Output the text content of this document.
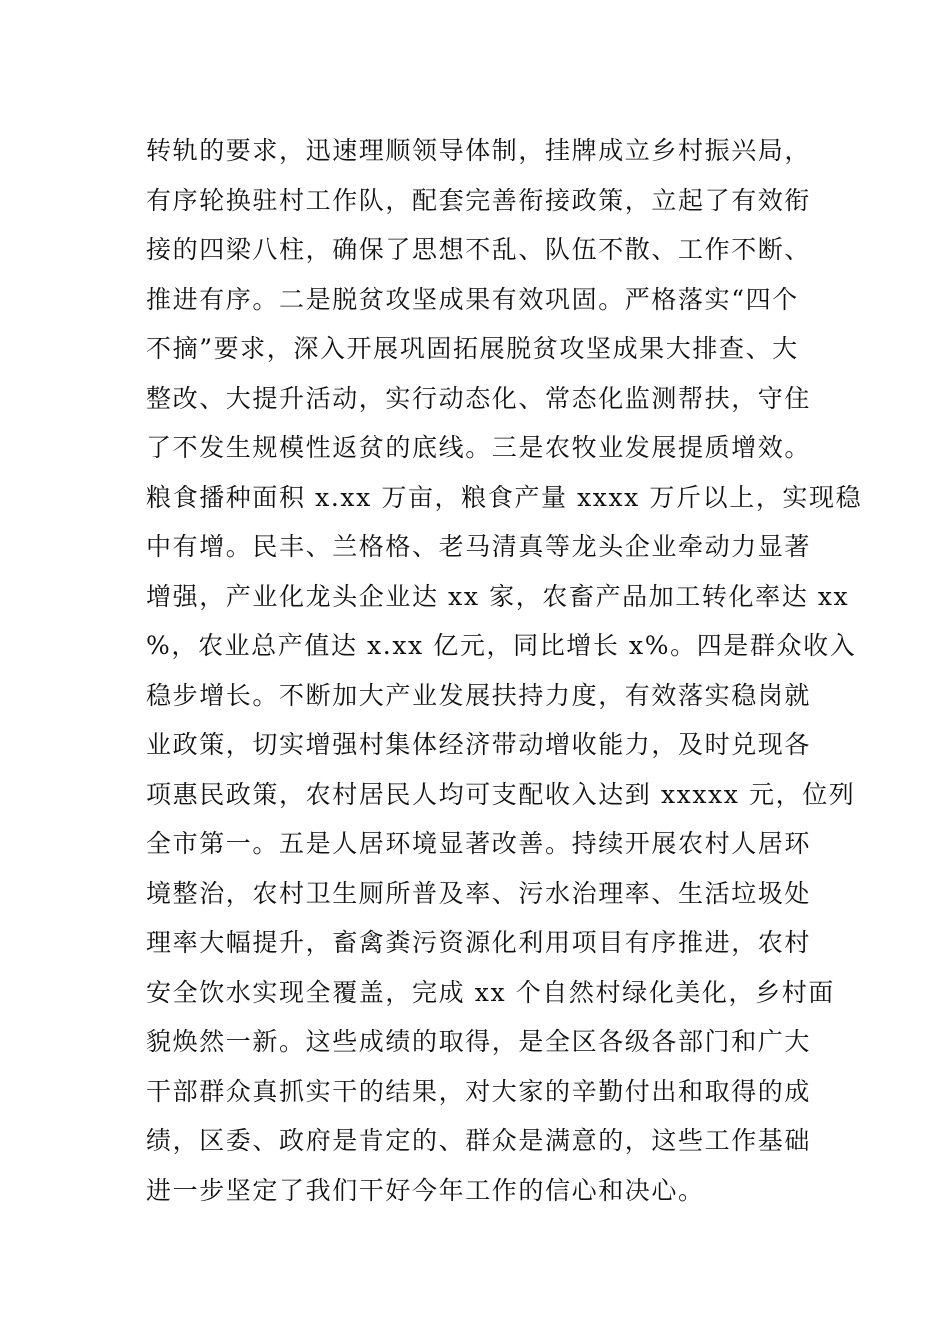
转轨的要求，迅速理顺领导体制，挂牌成立乡村振兴局，
有序轮换驻村工作队，配套完善衔接政策，立起了有效衔
接的四梁八柱，确保了思想不乱、队伍不散、工作不断、
推进有序。二是脱贫攻坚成果有效巩固。严格落实“四个
不摘”要求，深入开展巩固拓展脱贫攻坚成果大排查、大
整改、大提升活动，实行动态化、常态化监测帮扶，守住
了不发生规模性返贫的底线。三是农牧业发展提质增效。
粮食播种面积 x.xx 万亩，粮食产量 xxxx 万斤以上，实现稳
中有增。民丰、兰格格、老马清真等龙头企业牵动力显著
增强，产业化龙头企业达 xx 家，农畜产品加工转化率达 xx
%，农业总产值达 x.xx 亿元，同比增长 x%。四是群众收入
稳步增长。不断加大产业发展扶持力度，有效落实稳岗就
业政策，切实增强村集体经济带动增收能力，及时兑现各
项惠民政策，农村居民人均可支配收入达到 xxxxx 元，位列
全市第一。五是人居环境显著改善。持续开展农村人居环
境整治，农村卫生厕所普及率、污水治理率、生活垃圾处
理率大幅提升，畜禽粪污资源化利用项目有序推进，农村
安全饮水实现全覆盖，完成 xx 个自然村绿化美化，乡村面
貌焕然一新。这些成绩的取得，是全区各级各部门和广大
干部群众真抓实干的结果，对大家的辛勤付出和取得的成
绩，区委、政府是肯定的、群众是满意的，这些工作基础
进一步坚定了我们干好今年工作的信心和决心。
